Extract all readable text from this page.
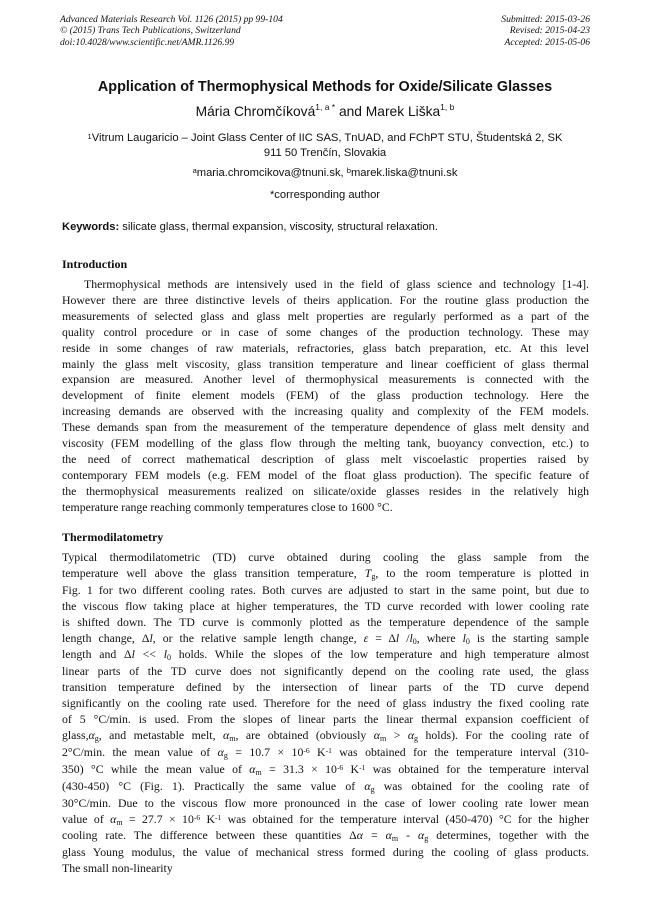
Advanced Materials Research Vol. 1126 (2015) pp 99-104
© (2015) Trans Tech Publications, Switzerland
doi:10.4028/www.scientific.net/AMR.1126.99
Submitted: 2015-03-26
Revised: 2015-04-23
Accepted: 2015-05-06
Application of Thermophysical Methods for Oxide/Silicate Glasses
Mária Chromčíková$^{1, a *}$ and Marek Liška$^{1, b}$
$^1$Vitrum Laugaricio – Joint Glass Center of IIC SAS, TnUAD, and FChPT STU, Študentská 2, SK
911 50 Trenčín, Slovakia
$^a$maria.chromcikova@tnuni.sk, $^b$marek.liska@tnuni.sk
*corresponding author
Keywords: silicate glass, thermal expansion, viscosity, structural relaxation.
Introduction
Thermophysical methods are intensively used in the field of glass science and technology [1-4].
However there are three distinctive levels of theirs application. For the routine glass production the
measurements of selected glass and glass melt properties are regularly performed as a part of the
quality control procedure or in case of some changes of the production technology. These may
reside in some changes of raw materials, refractories, glass batch preparation, etc. At this level
mainly the glass melt viscosity, glass transition temperature and linear coefficient of glass thermal
expansion are measured. Another level of thermophysical measurements is connected with the
development of finite element models (FEM) of the glass production technology. Here the
increasing demands are observed with the increasing quality and complexity of the FEM models.
These demands span from the measurement of the temperature dependence of glass melt density and
viscosity (FEM modelling of the glass flow through the melting tank, buoyancy convection, etc.) to
the need of correct mathematical description of glass melt viscoelastic properties raised by
contemporary FEM models (e.g. FEM model of the float glass production). The specific feature of
the thermophysical measurements realized on silicate/oxide glasses resides in the relatively high
temperature range reaching commonly temperatures close to 1600 °C.
Thermodilatometry
Typical thermodilatometric (TD) curve obtained during cooling the glass sample from the
temperature well above the glass transition temperature, $T_g$, to the room temperature is plotted in
Fig. 1 for two different cooling rates. Both curves are adjusted to start in the same point, but due to
the viscous flow taking place at higher temperatures, the TD curve recorded with lower cooling rate
is shifted down. The TD curve is commonly plotted as the temperature dependence of the sample
length change, Δl, or the relative sample length change, ε = Δl $/l_0$, where $l_0$ is the starting sample
length and $\Delta l << l_0$ holds. While the slopes of the low temperature and high temperature almost
linear parts of the TD curve does not significantly depend on the cooling rate used, the glass
transition temperature defined by the intersection of linear parts of the TD curve depend
significantly on the cooling rate used. Therefore for the need of glass industry the fixed cooling rate
of 5 °C/min. is used. From the slopes of linear parts the linear thermal expansion coefficient of
$glass,\alpha_g$, and metastable melt, $\alpha_m$, are obtained (obviously $\alpha_m > \alpha_g$ holds). For the cooling rate of
2°C/min. the mean value of $\alpha_g = 10.7 \times 10^{-6}$ $K^{-1}$ was obtained for the temperature interval (310-
350) °C while the mean value of $\alpha_m = 31.3 \times 10^{-6}$ $K^{-1}$ was obtained for the temperature interval
(430-450) °C (Fig. 1). Practically the same value of $\alpha_g$ was obtained for the cooling rate of
30°C/min. Due to the viscous flow more pronounced in the case of lower cooling rate lower mean
value of $\alpha_m = 27.7 \times 10^{-6}$ $K^{-1}$ was obtained for the temperature interval (450-470) °C for the higher
cooling rate. The difference between these quantities $\Delta\alpha = \alpha_m - \alpha_g$ determines, together with the
glass Young modulus, the value of mechanical stress formed during the cooling of glass products.
The small non-linearity
